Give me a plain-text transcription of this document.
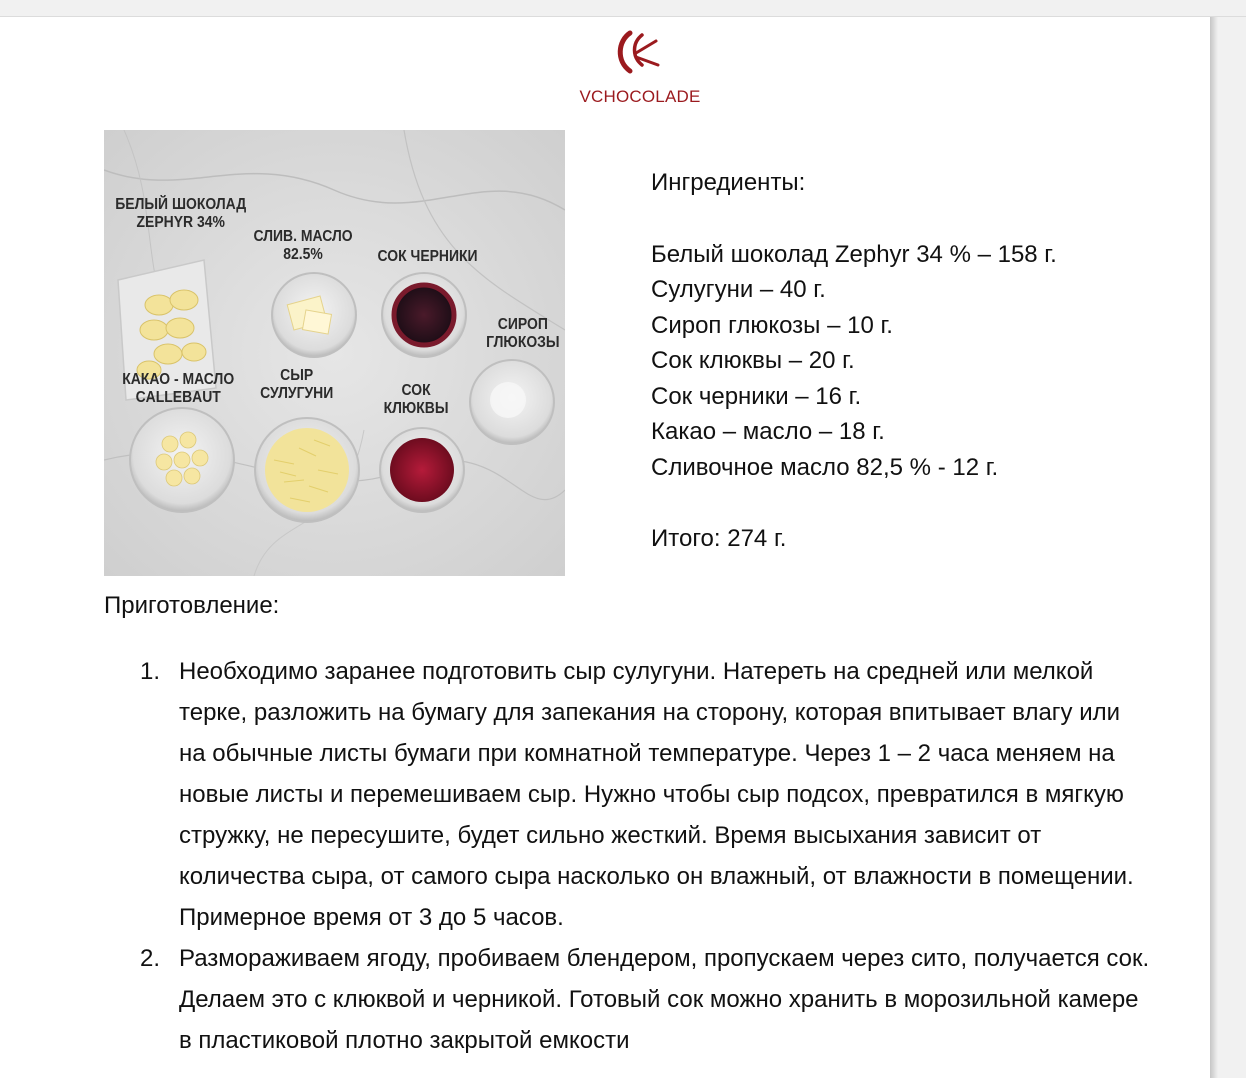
VCHOCOLADE
БЕЛЫЙ ШОКОЛАД
ZEPHYR 34%
СЛИВ. МАСЛО
82.5%	СОК ЧЕРНИКИ
СИРОП
ГЛЮКОЗЫ
КАКАО - МАСЛО
CALLEBAUT
СЫР
СУЛУГУНИ	СОК
КЛЮКВЫ

Ингредиенты:

Белый шоколад Zephyr 34 % – 158 г.
Сулугуни – 40 г.
Сироп глюкозы – 10 г.
Сок клюквы – 20 г.
Сок черники – 16 г.
Какао – масло – 18 г.
Сливочное масло 82,5 % - 12 г.

Итого: 274 г.

Приготовление:
1. Необходимо заранее подготовить сыр сулугуни. Натереть на средней или мелкой терке, разложить на бумагу для запекания на сторону, которая впитывает влагу или на обычные листы бумаги при комнатной температуре. Через 1 – 2 часа меняем на новые листы и перемешиваем сыр. Нужно чтобы сыр подсох, превратился в мягкую стружку, не пересушите, будет сильно жесткий. Время высыхания зависит от количества сыра, от самого сыра насколько он влажный, от влажности в помещении. Примерное время от 3 до 5 часов.
2. Размораживаем ягоду, пробиваем блендером, пропускаем через сито, получается сок. Делаем это с клюквой и черникой. Готовый сок можно хранить в морозильной камере в пластиковой плотно закрытой емкости
